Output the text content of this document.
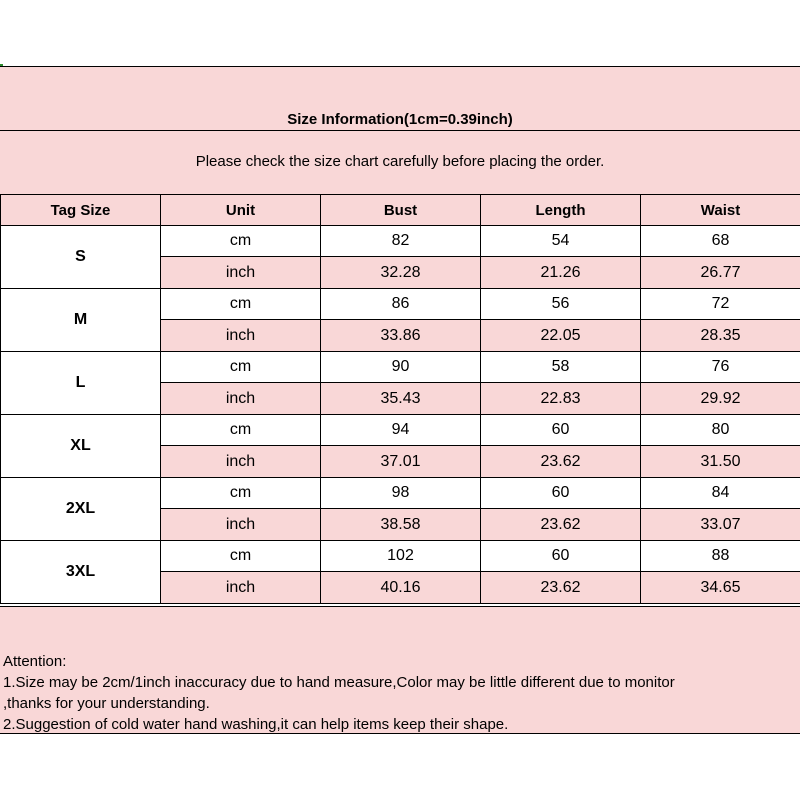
Size Information(1cm=0.39inch)
Please check the size chart carefully before placing the order.
Tag Size	Unit	Bust	Length	Waist
S	cm	82	54	68
	inch	32.28	21.26	26.77
M	cm	86	56	72
	inch	33.86	22.05	28.35
L	cm	90	58	76
	inch	35.43	22.83	29.92
XL	cm	94	60	80
	inch	37.01	23.62	31.50
2XL	cm	98	60	84
	inch	38.58	23.62	33.07
3XL	cm	102	60	88
	inch	40.16	23.62	34.65
Attention:
1.Size may be 2cm/1inch inaccuracy due to hand measure,Color may be little different due to monitor
,thanks for your understanding.
2.Suggestion of cold water hand washing,it can help items keep their shape.
